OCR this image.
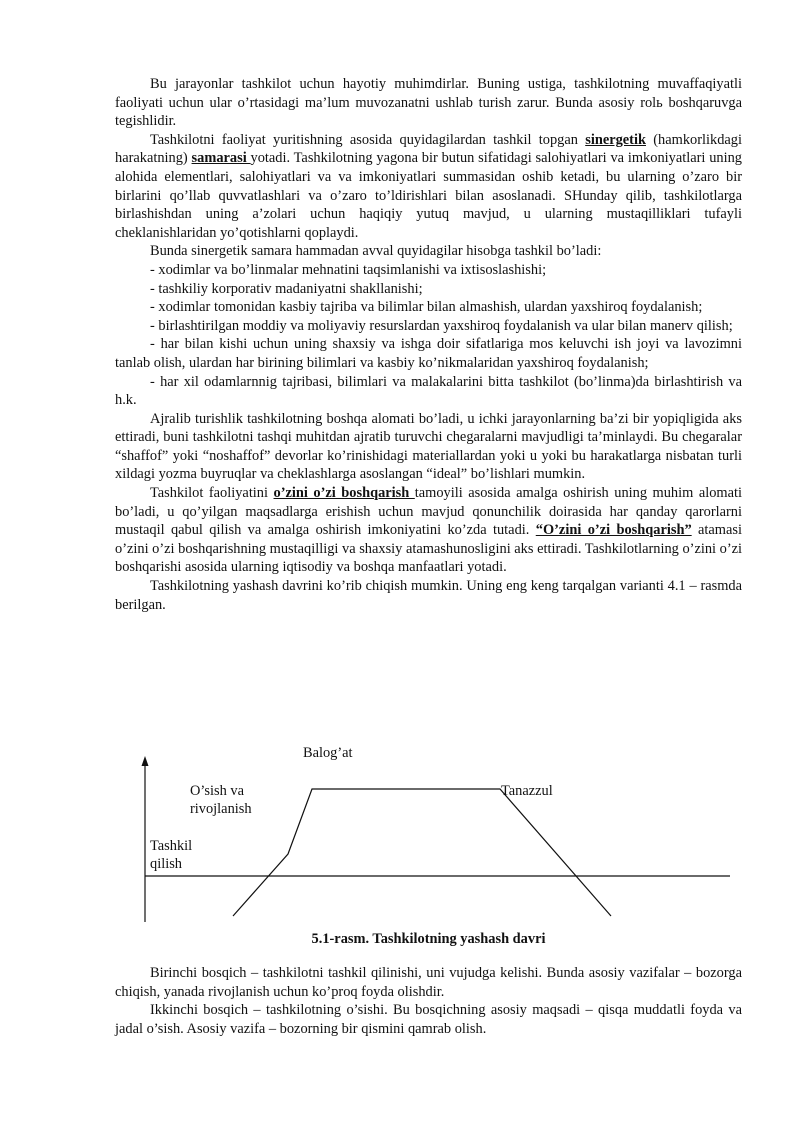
Bu jarayonlar tashkilot uchun hayotiy muhimdirlar. Buning ustiga, tashkilotning muvaffaqiyatli faoliyati uchun ular o’rtasidagi ma’lum muvozanatni ushlab turish zarur. Bunda asosiy rolь boshqaruvga tegishlidir.

Tashkilotni faoliyat yuritishning asosida quyidagilardan tashkil topgan sinergetik (hamkorlikdagi harakatning) samarasi yotadi. Tashkilotning yagona bir butun sifatidagi salohiyatlari va imkoniyatlari uning alohida elementlari, salohiyatlari va va imkoniyatlari summasidan oshib ketadi, bu ularning o’zaro bir birlarini qo’llab quvvatlashlari va o’zaro to’ldirishlari bilan asoslanadi. SHunday qilib, tashkilotlarga birlashishdan uning a’zolari uchun haqiqiy yutuq mavjud, u ularning mustaqilliklari tufayli cheklanishlaridan yo’qotishlarni qoplaydi.

Bunda sinergetik samara hammadan avval quyidagilar hisobga tashkil bo’ladi:

- xodimlar va bo’linmalar mehnatini taqsimlanishi va ixtisoslashishi;

- tashkiliy korporativ madaniyatni shakllanishi;

- xodimlar tomonidan kasbiy tajriba va bilimlar bilan almashish, ulardan yaxshiroq foydalanish;

- birlashtirilgan moddiy va moliyaviy resurslardan yaxshiroq foydalanish va ular bilan manerv qilish;

- har bilan kishi uchun uning shaxsiy va ishga doir sifatlariga mos keluvchi ish joyi va lavozimni tanlab olish, ulardan har birining bilimlari va kasbiy ko’nikmalaridan yaxshiroq foydalanish;

- har xil odamlarnnig tajribasi, bilimlari va malakalarini bitta tashkilot (bo’linma)da birlashtirish va h.k.

Ajralib turishlik tashkilotning boshqa alomati bo’ladi, u ichki jarayonlarning ba’zi bir yopiqligida aks ettiradi, buni tashkilotni tashqi muhitdan ajratib turuvchi chegaralarni mavjudligi ta’minlaydi. Bu chegaralar “shaffof” yoki “noshaffof” devorlar ko’rinishidagi materiallardan yoki u yoki bu harakatlarga nisbatan turli xildagi yozma buyruqlar va cheklashlarga asoslangan “ideal” bo’lishlari mumkin.

Tashkilot faoliyatini o’zini o’zi boshqarish tamoyili asosida amalga oshirish uning muhim alomati bo’ladi, u qo’yilgan maqsadlarga erishish uchun mavjud qonunchilik doirasida har qanday qarorlarni mustaqil qabul qilish va amalga oshirish imkoniyatini ko’zda tutadi. “O’zini o’zi boshqarish” atamasi o’zini o’zi boshqarishning mustaqilligi va shaxsiy atamashunosligini aks ettiradi. Tashkilotlarning o’zini o’zi boshqarishi asosida ularning iqtisodiy va boshqa manfaatlari yotadi.

Tashkilotning yashash davrini ko’rib chiqish mumkin. Uning eng keng tarqalgan varianti 4.1 – rasmda berilgan.

Balog’at
O’sish va
rivojlanish
Tanazzul
Tashkil
qilish
5.1-rasm. Tashkilotning yashash davri

Birinchi bosqich – tashkilotni tashkil qilinishi, uni vujudga kelishi. Bunda asosiy vazifalar – bozorga chiqish, yanada rivojlanish uchun ko’proq foyda olishdir.

Ikkinchi bosqich – tashkilotning o’sishi. Bu bosqichning asosiy maqsadi – qisqa muddatli foyda va jadal o’sish. Asosiy vazifa – bozorning bir qismini qamrab olish.
